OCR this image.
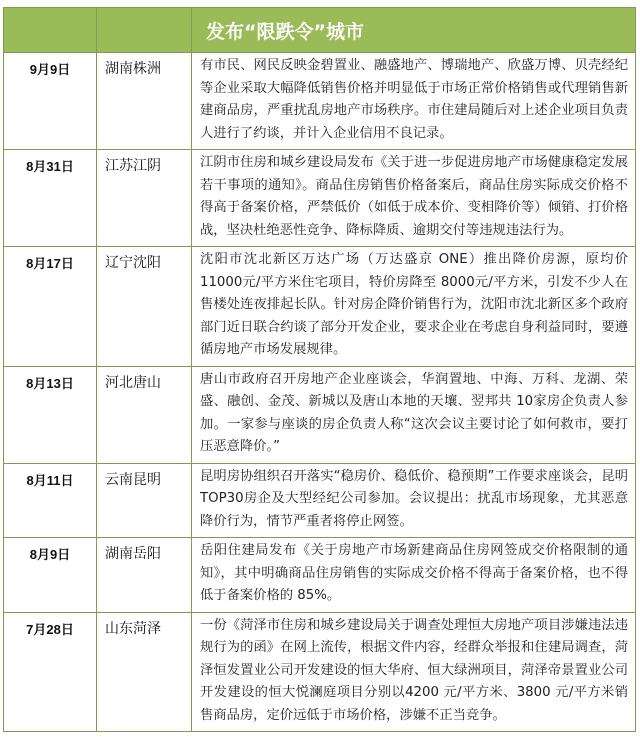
		发布“限跌令”城市
9月9日	湖南株洲	有市民、网民反映金碧置业、融盛地产、博瑞地产、欣盛万博、贝壳经纪等企业采取大幅降低销售价格并明显低于市场正常价格销售或代理销售新建商品房，严重扰乱房地产市场秩序。市住建局随后对上述企业项目负责人进行了约谈，并计入企业信用不良记录。
8月31日	江苏江阴	江阴市住房和城乡建设局发布《关于进一步促进房地产市场健康稳定发展若干事项的通知》。商品住房销售价格备案后，商品住房实际成交价格不得高于备案价格，严禁低价（如低于成本价、变相降价等）倾销、打价格战，坚决杜绝恶性竞争、降标降质、逾期交付等违规违法行为。
8月17日	辽宁沈阳	沈阳市沈北新区万达广场（万达盛京 ONE）推出降价房源，原均价 11000元/平方米住宅项目，特价房降至 8000元/平方米，引发不少人在售楼处连夜排起长队。针对房企降价销售行为，沈阳市沈北新区多个政府部门近日联合约谈了部分开发企业，要求企业在考虑自身利益同时，要遵循房地产市场发展规律。
8月13日	河北唐山	唐山市政府召开房地产企业座谈会，华润置地、中海、万科、龙湖、荣盛、融创、金茂、新城以及唐山本地的天壤、翌邦共 10家房企负责人参加。一家参与座谈的房企负责人称“这次会议主要讨论了如何救市，要打压恶意降价。”
8月11日	云南昆明	昆明房协组织召开落实“稳房价、稳低价、稳预期”工作要求座谈会，昆明 TOP30房企及大型经纪公司参加。会议提出：扰乱市场现象，尤其恶意降价行为，情节严重者将停止网签。
8月9日	湖南岳阳	岳阳住建局发布《关于房地产市场新建商品住房网签成交价格限制的通知》，其中明确商品住房销售的实际成交价格不得高于备案价格，也不得低于备案价格的 85%。
7月28日	山东菏泽	一份《菏泽市住房和城乡建设局关于调查处理恒大房地产项目涉嫌违法违规行为的函》在网上流传，根据文件内容，经群众举报和住建局调查，菏泽恒发置业公司开发建设的恒大华府、恒大绿洲项目，菏泽帝景置业公司开发建设的恒大悦澜庭项目分别以4200 元/平方米、3800 元/平方米销售商品房，定价远低于市场价格，涉嫌不正当竞争。
